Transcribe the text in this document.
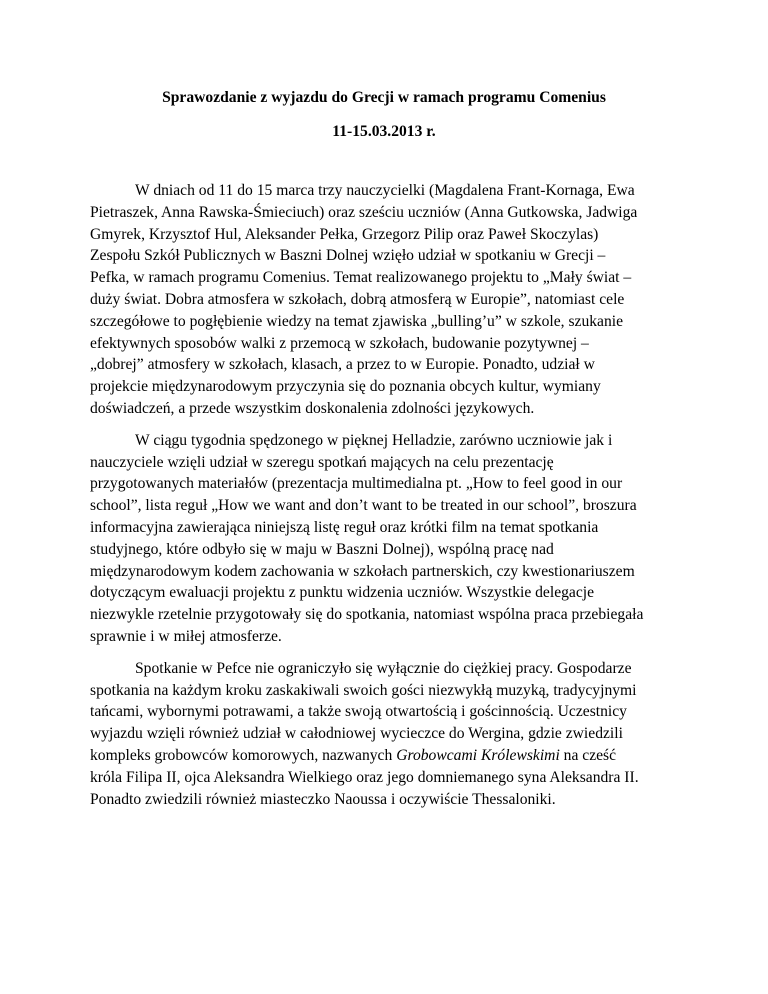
Sprawozdanie z wyjazdu do Grecji w ramach programu Comenius

11-15.03.2013 r.

W dniach od 11 do 15 marca trzy nauczycielki (Magdalena Frant-Kornaga, Ewa Pietraszek, Anna Rawska-Śmieciuch) oraz sześciu uczniów (Anna Gutkowska, Jadwiga Gmyrek, Krzysztof Hul, Aleksander Pełka, Grzegorz Pilip oraz Paweł Skoczylas) Zespołu Szkół Publicznych w Baszni Dolnej wzięło udział w spotkaniu w Grecji – Pefka, w ramach programu Comenius. Temat realizowanego projektu to „Mały świat – duży świat. Dobra atmosfera w szkołach, dobrą atmosferą w Europie”, natomiast cele szczegółowe to pogłębienie wiedzy na temat zjawiska „bulling’u” w szkole, szukanie efektywnych sposobów walki z przemocą w szkołach, budowanie pozytywnej – „dobrej” atmosfery w szkołach, klasach, a przez to w Europie. Ponadto, udział w projekcie międzynarodowym przyczynia się do poznania obcych kultur, wymiany doświadczeń, a przede wszystkim doskonalenia zdolności językowych.

W ciągu tygodnia spędzonego w pięknej Helladzie, zarówno uczniowie jak i nauczyciele wzięli udział w szeregu spotkań mających na celu prezentację przygotowanych materiałów (prezentacja multimedialna pt. „How to feel good in our school”, lista reguł „How we want and don’t want to be treated in our school”, broszura informacyjna zawierająca niniejszą listę reguł oraz krótki film na temat spotkania studyjnego, które odbyło się w maju w Baszni Dolnej), wspólną pracę nad międzynarodowym kodem zachowania w szkołach partnerskich, czy kwestionariuszem dotyczącym ewaluacji projektu z punktu widzenia uczniów. Wszystkie delegacje niezwykle rzetelnie przygotowały się do spotkania, natomiast wspólna praca przebiegała sprawnie i w miłej atmosferze.

Spotkanie w Pefce nie ograniczyło się wyłącznie do ciężkiej pracy. Gospodarze spotkania na każdym kroku zaskakiwali swoich gości niezwykłą muzyką, tradycyjnymi tańcami, wybornymi potrawami, a także swoją otwartością i gościnnością. Uczestnicy wyjazdu wzięli również udział w całodniowej wycieczce do Wergina, gdzie zwiedzili kompleks grobowców komorowych, nazwanych Grobowcami Królewskimi na cześć króla Filipa II, ojca Aleksandra Wielkiego oraz jego domniemanego syna Aleksandra II. Ponadto zwiedzili również miasteczko Naoussa i oczywiście Thessaloniki.
